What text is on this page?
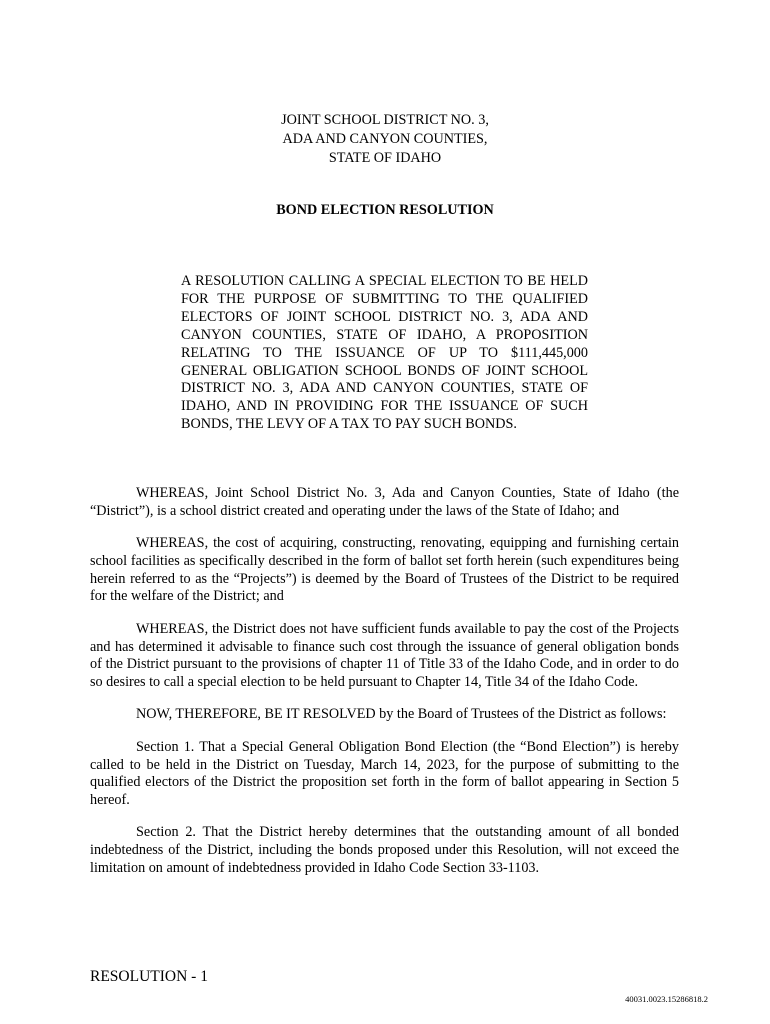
JOINT SCHOOL DISTRICT NO. 3,
ADA AND CANYON COUNTIES,
STATE OF IDAHO
BOND ELECTION RESOLUTION
A RESOLUTION CALLING A SPECIAL ELECTION TO BE HELD FOR THE PURPOSE OF SUBMITTING TO THE QUALIFIED ELECTORS OF JOINT SCHOOL DISTRICT NO. 3, ADA AND CANYON COUNTIES, STATE OF IDAHO, A PROPOSITION RELATING TO THE ISSUANCE OF UP TO $111,445,000 GENERAL OBLIGATION SCHOOL BONDS OF JOINT SCHOOL DISTRICT NO. 3, ADA AND CANYON COUNTIES, STATE OF IDAHO, AND IN PROVIDING FOR THE ISSUANCE OF SUCH BONDS, THE LEVY OF A TAX TO PAY SUCH BONDS.

WHEREAS, Joint School District No. 3, Ada and Canyon Counties, State of Idaho (the “District”), is a school district created and operating under the laws of the State of Idaho; and

WHEREAS, the cost of acquiring, constructing, renovating, equipping and furnishing certain school facilities as specifically described in the form of ballot set forth herein (such expenditures being herein referred to as the “Projects”) is deemed by the Board of Trustees of the District to be required for the welfare of the District; and

WHEREAS, the District does not have sufficient funds available to pay the cost of the Projects and has determined it advisable to finance such cost through the issuance of general obligation bonds of the District pursuant to the provisions of chapter 11 of Title 33 of the Idaho Code, and in order to do so desires to call a special election to be held pursuant to Chapter 14, Title 34 of the Idaho Code.

NOW, THEREFORE, BE IT RESOLVED by the Board of Trustees of the District as follows:

Section 1. That a Special General Obligation Bond Election (the “Bond Election”) is hereby called to be held in the District on Tuesday, March 14, 2023, for the purpose of submitting to the qualified electors of the District the proposition set forth in the form of ballot appearing in Section 5 hereof.

Section 2. That the District hereby determines that the outstanding amount of all bonded indebtedness of the District, including the bonds proposed under this Resolution, will not exceed the limitation on amount of indebtedness provided in Idaho Code Section 33-1103.

RESOLUTION - 1
40031.0023.15286818.2
